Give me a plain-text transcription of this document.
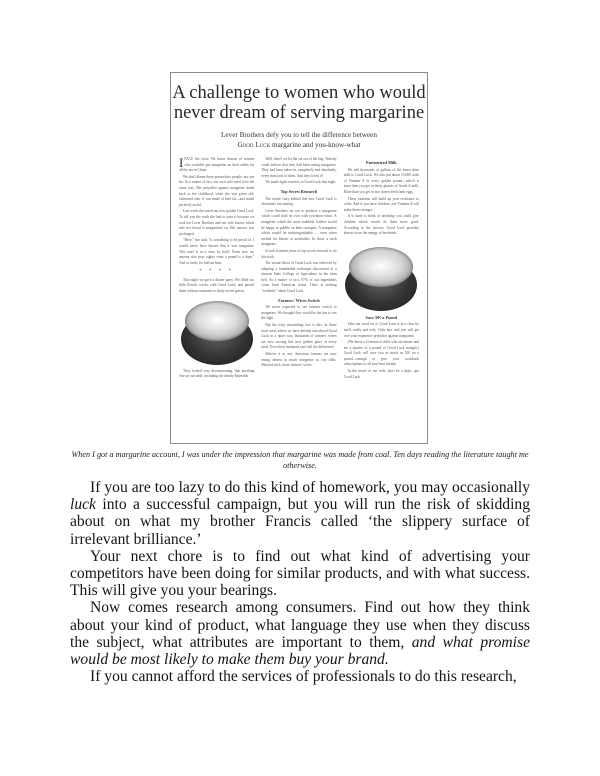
A challenge to women who would
never dream of serving margarine
Lever Brothers defy you to tell the difference between
Good Luck margarine and you-know-what

IFACE the facts: We know dozens of women who wouldn't put margarine on their tables for all the tea in China.

We don't blame these persnickety people, not one bit. As a matter of fact, our own wife used to be the same way. Her prejudice against margarine dated back to her childhood, when she was given old-fashioned oleo. It was made of beef fat—and tasted perfectly awful.

Last week she tasted our new golden Good Luck. To tell you the truth she had to taste it because we took her Lever Brothers and our wife knows which side her bread is margarined on. Her answer was prolonged.

"Here," she said, "is something to be proud of. I would never have known that it was margarine. This stuff is in a class by itself. From now on, anyone who pays eighty cents a pound is a dope." And so forth, for half an hour.

* * * *

That night we gave a dinner party. We filled our little French crocks with Good Luck, and passed them without comment to thirty-seven guests.

They looked very discriminating, that anything else on our table, including the family Emeralds.

Well, there! we let the cat out of the bag. Nobody could believe that they had been eating margarine. They had been taken in, completely and absolutely, every man jack of them. And they loved it!

We made eight converts to Good Luck that night.

Top Secret Research

The inside story behind this new Good Luck is absolutely fascinating.

Lever Brothers set out to produce a margarine which could hold its own with you-know-what. A margarine which the most snobbish foodies would be happy to gobble on their crumpets. A margarine which would be indistinguishable — even when melted for lobster or artichokes. In short, a snob margarine.

It took fourteen years of top-secret research to do this trick.

The actual flavor of Good Luck was achieved by adapting a remarkable technique discovered at a famous State College of Agriculture in the farm belt. As a matter of fact, 97% of our ingredients come from American farms. There is nothing "synthetic" about Good Luck.

Farmers' Wives Switch

We never expected to see farmers switch to margarine. We thought they would be the last to see the light.

But the truly astonishing fact is this: in those rural areas where we have already introduced Good Luck in a quiet way, thousands of farmers' wives are now serving this new golden glory at every meal. Even their husbands can't tell the difference!

Believe it or not, American farmers are now eating almost as much margarine as city folks. Married such, those farmers' wives.

Pasteurized Milk

We add thousands of gallons of the finest skim milk to Good Luck. We also put about 15,000 units of Vitamin A in every golden pound—which is more than you get in thirty glasses of Grade A milk. More than you get in two dozen fresh farm eggs.

These vitamins will build up your resistance to colds. And if you have children, one Vitamin A will make them stronger.

It is hard to think of anything you could give children which would do them more good. According to the doctors, Good Luck provides almost twice the energy of beefsteak.

Save 50¢ a Pound

Take our word for it. Good Luck is in a class by itself, really and truly. Only buy, and you will get over your expensive prejudice against margarine.

(We knew a Greenwich child who ate dinner and ate a quarter of a pound of Good Luck straight.) Good Luck will save you as much as 50¢ on a pound—enough to give your cookbook subscriptions to all your best friends.

In the words of our wife, don't be a dope—get Good Luck.

When I got a margarine account, I was under the impression that margarine was made from coal. Ten days reading the literature taught me otherwise.

If you are too lazy to do this kind of homework, you may occasionally luck into a successful campaign, but you will run the risk of skidding about on what my brother Francis called ‘the slippery surface of irrelevant brilliance.’

Your next chore is to find out what kind of advertising your competitors have been doing for similar products, and with what success. This will give you your bearings.

Now comes research among consumers. Find out how they think about your kind of product, what language they use when they discuss the subject, what attributes are important to them, and what promise would be most likely to make them buy your brand.

If you cannot afford the services of professionals to do this research,
